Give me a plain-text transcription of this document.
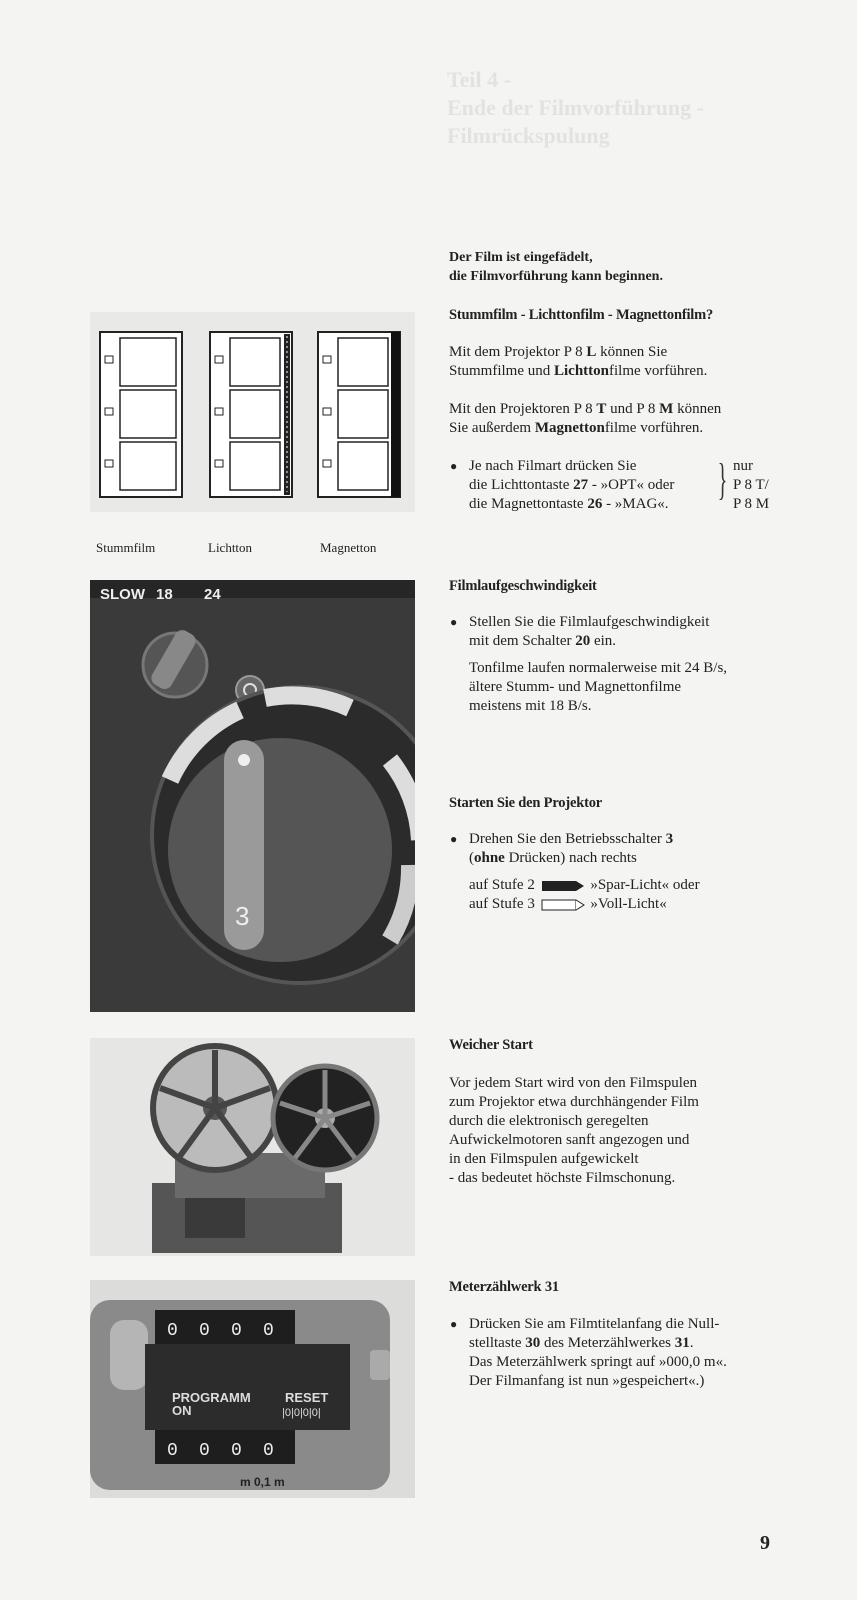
Teil 4 -
Ende der Filmvorführung -
Filmrückspulung
Der Film ist eingefädelt,
die Filmvorführung kann beginnen.
Stummfilm	Lichtton	Magnetton
Stummfilm - Lichttonfilm - Magnettonfilm?
Mit dem Projektor P 8 L können Sie
Stummfilme und Lichttonfilme vorführen.
Mit den Projektoren P 8 T und P 8 M können
Sie außerdem Magnettonfilme vorführen.
● Je nach Filmart drücken Sie
die Lichttontaste 27 - »OPT« oder
die Magnettontaste 26 - »MAG«.	} nur
P 8 T/
P 8 M
SLOW 18 24
3
Filmlaufgeschwindigkeit
● Stellen Sie die Filmlaufgeschwindigkeit
mit dem Schalter 20 ein.
Tonfilme laufen normalerweise mit 24 B/s,
ältere Stumm- und Magnettonfilme
meistens mit 18 B/s.
Starten Sie den Projektor
● Drehen Sie den Betriebsschalter 3
(ohne Drücken) nach rechts
auf Stufe 2	»Spar-Licht« oder
auf Stufe 3	»Voll-Licht«
Weicher Start
Vor jedem Start wird von den Filmspulen
zum Projektor etwa durchhängender Film
durch die elektronisch geregelten
Aufwickelmotoren sanft angezogen und
in den Filmspulen aufgewickelt
- das bedeutet höchste Filmschonung.
PROGRAMM
ON
RESET
|0|0|0|0|
0 0 0 0
0 0 0 0
m 0,1 m
Meterzählwerk 31
● Drücken Sie am Filmtitelanfang die Null-
stelltaste 30 des Meterzählwerkes 31.
Das Meterzählwerk springt auf »000,0 m«.
Der Filmanfang ist nun »gespeichert«.)
9
